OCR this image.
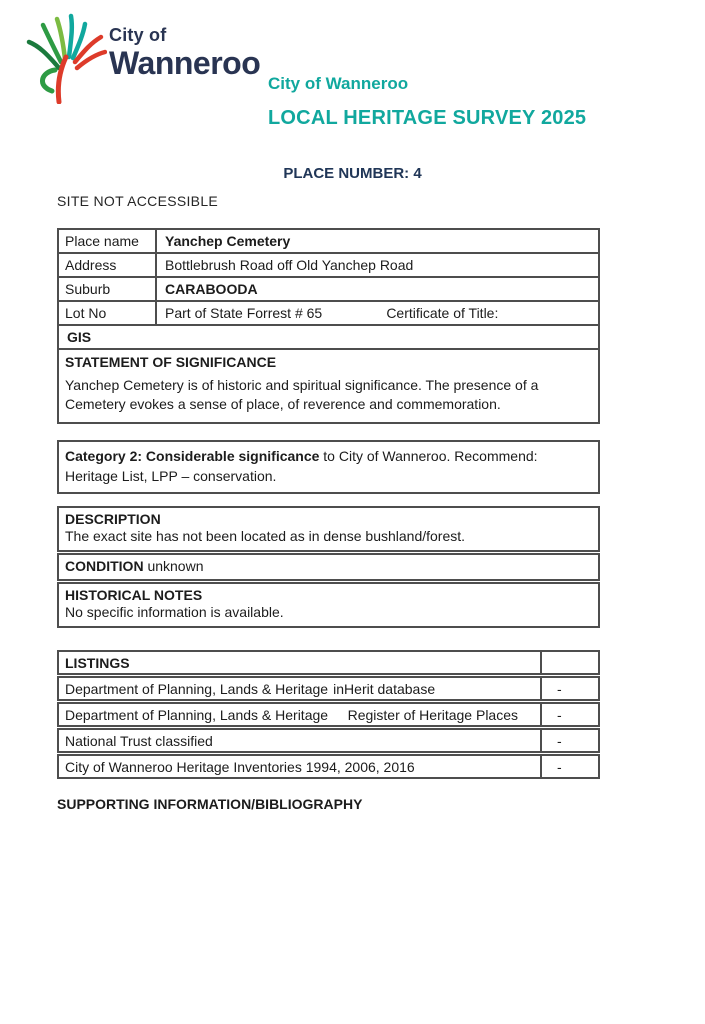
City of
Wanneroo
City of Wanneroo
LOCAL HERITAGE SURVEY 2025
PLACE NUMBER: 4
SITE NOT ACCESSIBLE
Place name	Yanchep Cemetery
Address	Bottlebrush Road off Old Yanchep Road
Suburb	CARABOODA
Lot No	Part of State Forrest # 65 Certificate of Title:

GIS	

STATEMENT OF SIGNIFICANCE
Yanchep Cemetery is of historic and spiritual significance. The presence of a Cemetery evokes a sense of place, of reverence and commemoration.	
Category 2: Considerable significance to City of Wanneroo. Recommend: Heritage List, LPP – conservation.
DESCRIPTION
The exact site has not been located as in dense bushland/forest.
CONDITION unknown
HISTORICAL NOTES
No specific information is available.
LISTINGS
Department of Planning, Lands & Heritage inHerit database	-
Department of Planning, Lands & Heritage Register of Heritage Places	-
National Trust classified	-
City of Wanneroo Heritage Inventories 1994, 2006, 2016	-
SUPPORTING INFORMATION/BIBLIOGRAPHY
